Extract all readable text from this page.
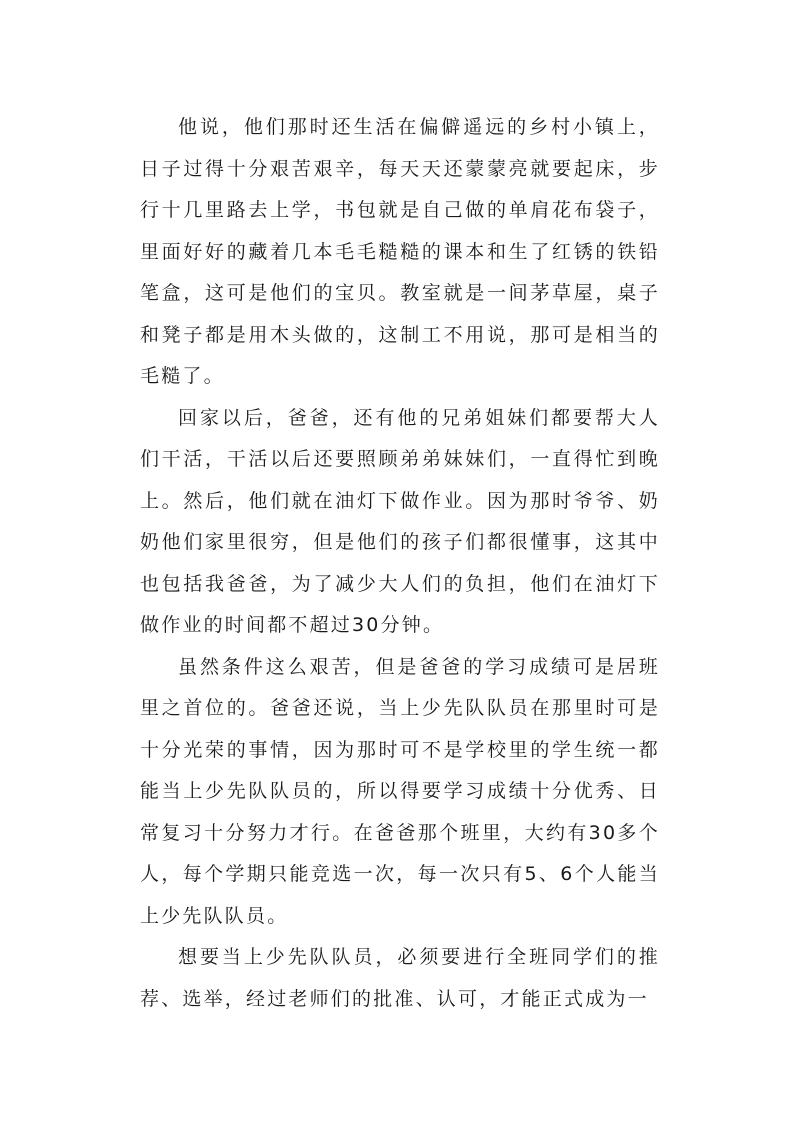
他说，他们那时还生活在偏僻遥远的乡村小镇上，日子过得十分艰苦艰辛，每天天还蒙蒙亮就要起床，步行十几里路去上学，书包就是自己做的单肩花布袋子，里面好好的藏着几本毛毛糙糙的课本和生了红锈的铁铅笔盒，这可是他们的宝贝。教室就是一间茅草屋，桌子和凳子都是用木头做的，这制工不用说，那可是相当的毛糙了。

回家以后，爸爸，还有他的兄弟姐妹们都要帮大人们干活，干活以后还要照顾弟弟妹妹们，一直得忙到晚上。然后，他们就在油灯下做作业。因为那时爷爷、奶奶他们家里很穷，但是他们的孩子们都很懂事，这其中也包括我爸爸，为了减少大人们的负担，他们在油灯下做作业的时间都不超过30分钟。

虽然条件这么艰苦，但是爸爸的学习成绩可是居班里之首位的。爸爸还说，当上少先队队员在那里时可是十分光荣的事情，因为那时可不是学校里的学生统一都能当上少先队队员的，所以得要学习成绩十分优秀、日常复习十分努力才行。在爸爸那个班里，大约有30多个人，每个学期只能竞选一次，每一次只有5、6个人能当上少先队队员。

想要当上少先队队员，必须要进行全班同学们的推荐、选举，经过老师们的批准、认可，才能正式成为一
